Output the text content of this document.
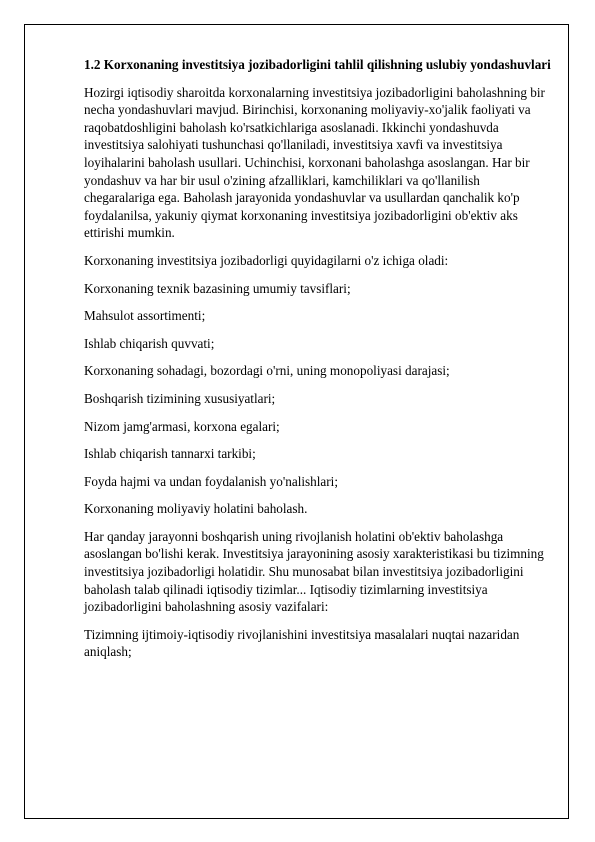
1.2 Korxonaning investitsiya jozibadorligini tahlil qilishning uslubiy yondashuvlari
Hozirgi iqtisodiy sharoitda korxonalarning investitsiya jozibadorligini baholashning bir necha yondashuvlari mavjud. Birinchisi, korxonaning moliyaviy-xo'jalik faoliyati va raqobatdoshligini baholash ko'rsatkichlariga asoslanadi. Ikkinchi yondashuvda investitsiya salohiyati tushunchasi qo'llaniladi, investitsiya xavfi va investitsiya loyihalarini baholash usullari. Uchinchisi, korxonani baholashga asoslangan. Har bir yondashuv va har bir usul o'zining afzalliklari, kamchiliklari va qo'llanilish chegaralariga ega. Baholash jarayonida yondashuvlar va usullardan qanchalik ko'p foydalanilsa, yakuniy qiymat korxonaning investitsiya jozibadorligini ob'ektiv aks ettirishi mumkin.
Korxonaning investitsiya jozibadorligi quyidagilarni o'z ichiga oladi:
Korxonaning texnik bazasining umumiy tavsiflari;
Mahsulot assortimenti;
Ishlab chiqarish quvvati;
Korxonaning sohadagi, bozordagi o'rni, uning monopoliyasi darajasi;
Boshqarish tizimining xususiyatlari;
Nizom jamg'armasi, korxona egalari;
Ishlab chiqarish tannarxi tarkibi;
Foyda hajmi va undan foydalanish yo'nalishlari;
Korxonaning moliyaviy holatini baholash.
Har qanday jarayonni boshqarish uning rivojlanish holatini ob'ektiv baholashga asoslangan bo'lishi kerak. Investitsiya jarayonining asosiy xarakteristikasi bu tizimning investitsiya jozibadorligi holatidir. Shu munosabat bilan investitsiya jozibadorligini baholash talab qilinadi iqtisodiy tizimlar... Iqtisodiy tizimlarning investitsiya jozibadorligini baholashning asosiy vazifalari:
Tizimning ijtimoiy-iqtisodiy rivojlanishini investitsiya masalalari nuqtai nazaridan aniqlash;
